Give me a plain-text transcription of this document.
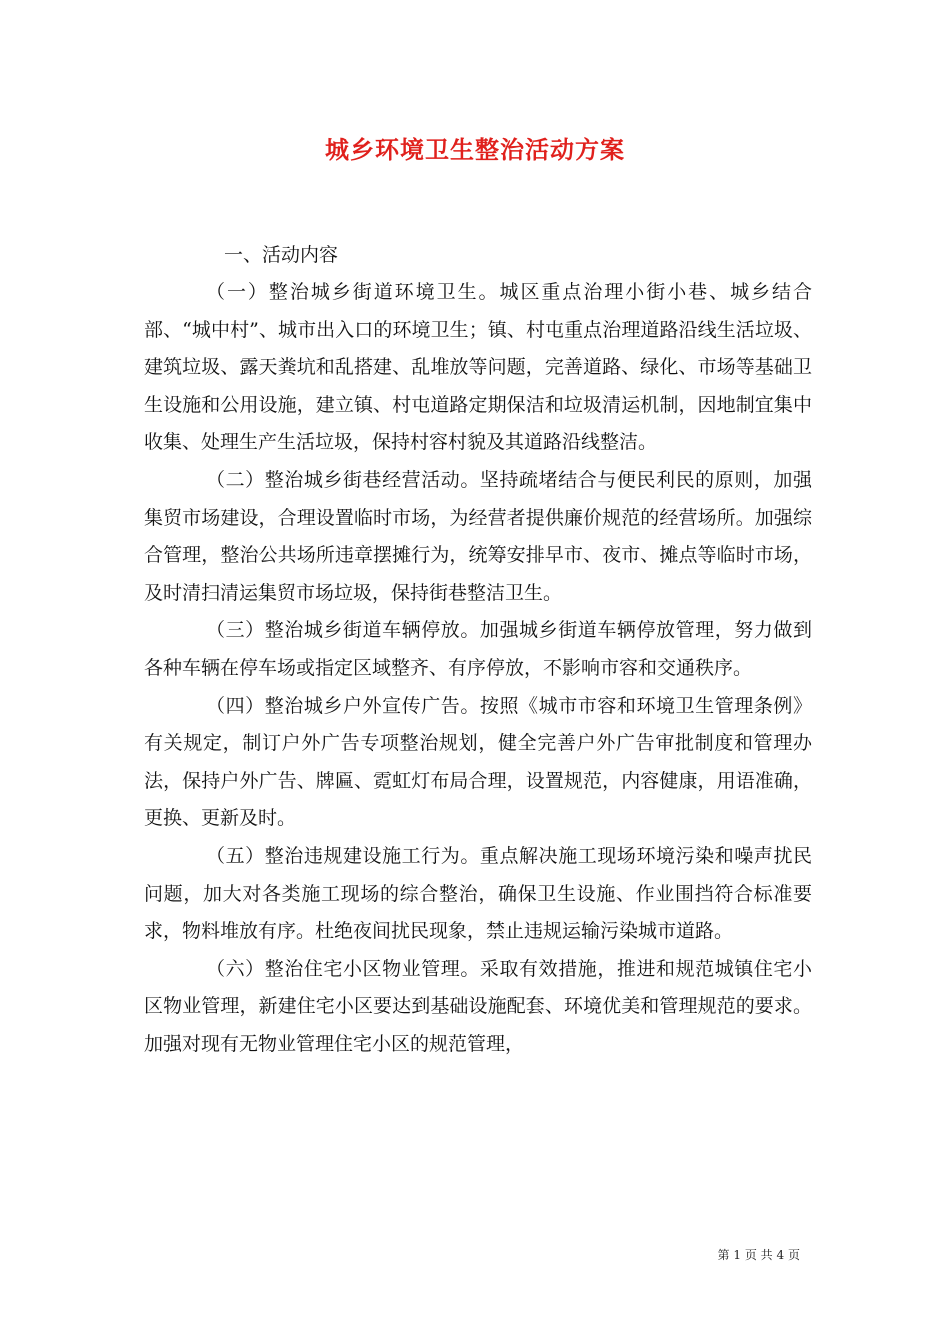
城乡环境卫生整治活动方案

一、活动内容

（一）整治城乡街道环境卫生。城区重点治理小街小巷、城乡结合部、“城中村”、城市出入口的环境卫生；镇、村屯重点治理道路沿线生活垃圾、建筑垃圾、露天粪坑和乱搭建、乱堆放等问题，完善道路、绿化、市场等基础卫生设施和公用设施，建立镇、村屯道路定期保洁和垃圾清运机制，因地制宜集中收集、处理生产生活垃圾，保持村容村貌及其道路沿线整洁。

（二）整治城乡街巷经营活动。坚持疏堵结合与便民利民的原则，加强集贸市场建设，合理设置临时市场，为经营者提供廉价规范的经营场所。加强综合管理，整治公共场所违章摆摊行为，统筹安排早市、夜市、摊点等临时市场，及时清扫清运集贸市场垃圾，保持街巷整洁卫生。

（三）整治城乡街道车辆停放。加强城乡街道车辆停放管理，努力做到各种车辆在停车场或指定区域整齐、有序停放，不影响市容和交通秩序。

（四）整治城乡户外宣传广告。按照《城市市容和环境卫生管理条例》有关规定，制订户外广告专项整治规划，健全完善户外广告审批制度和管理办法，保持户外广告、牌匾、霓虹灯布局合理，设置规范，内容健康，用语准确，更换、更新及时。

（五）整治违规建设施工行为。重点解决施工现场环境污染和噪声扰民问题，加大对各类施工现场的综合整治，确保卫生设施、作业围挡符合标准要求，物料堆放有序。杜绝夜间扰民现象，禁止违规运输污染城市道路。

（六）整治住宅小区物业管理。采取有效措施，推进和规范城镇住宅小区物业管理，新建住宅小区要达到基础设施配套、环境优美和管理规范的要求。加强对现有无物业管理住宅小区的规范管理，

第 1 页 共 4 页
